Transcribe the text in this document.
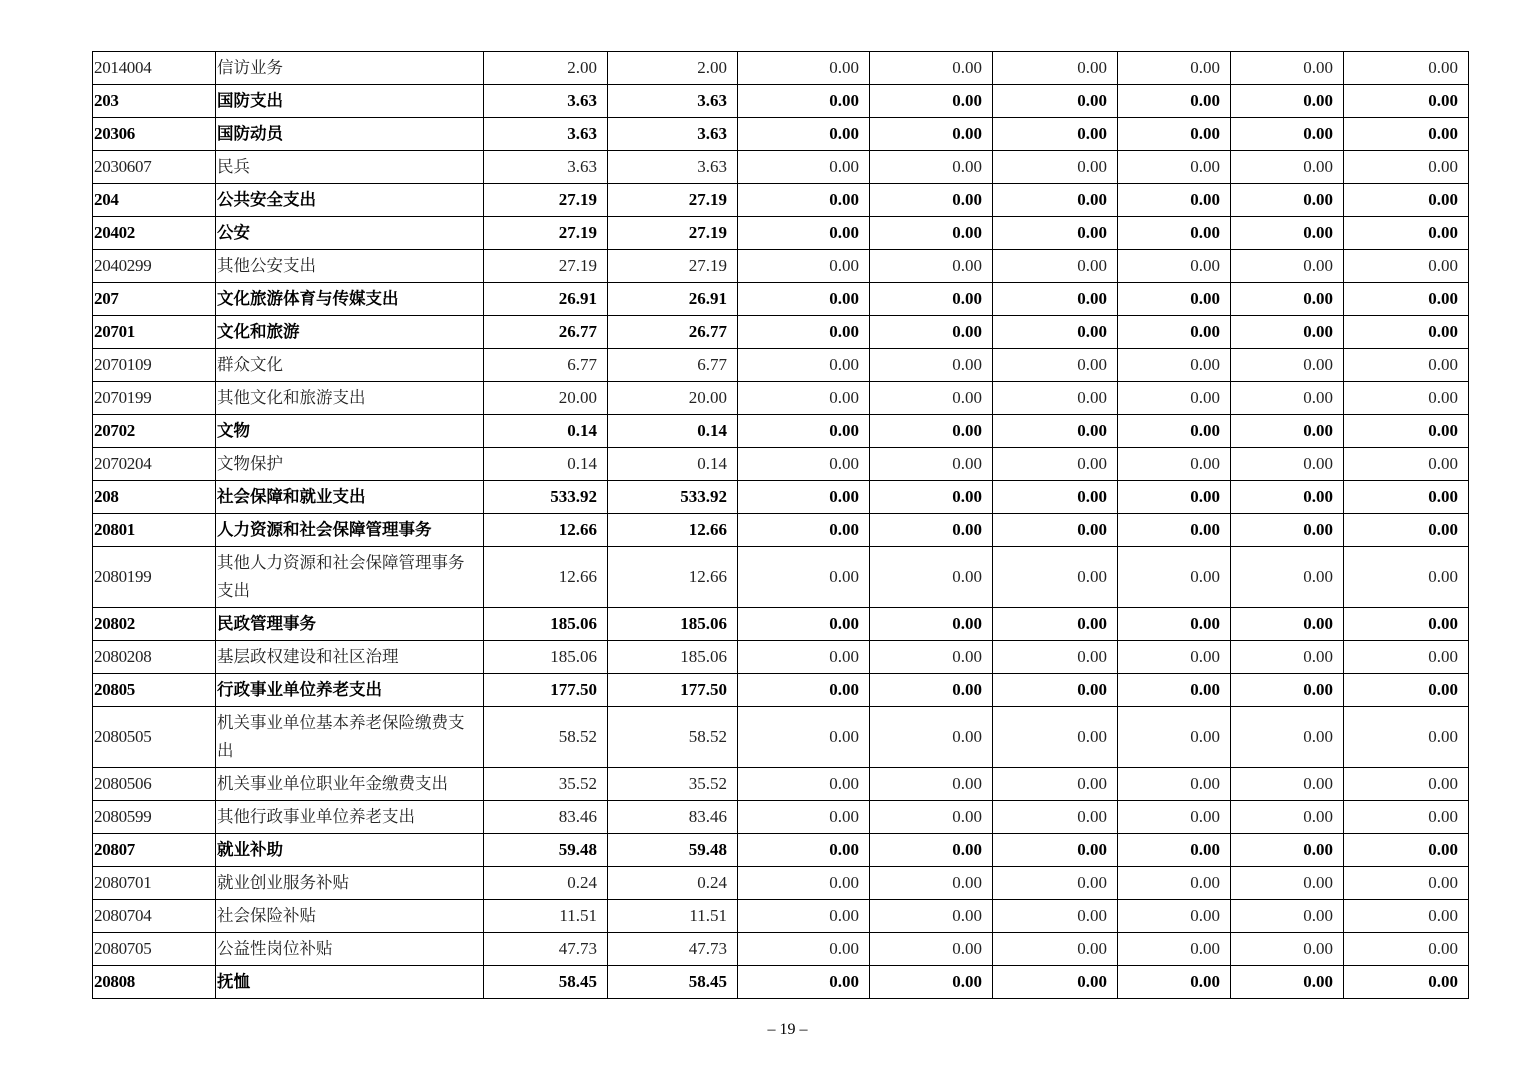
2014004	信访业务	2.00	2.00	0.00	0.00	0.00	0.00	0.00	0.00
203	国防支出	3.63	3.63	0.00	0.00	0.00	0.00	0.00	0.00
20306	国防动员	3.63	3.63	0.00	0.00	0.00	0.00	0.00	0.00
2030607	民兵	3.63	3.63	0.00	0.00	0.00	0.00	0.00	0.00
204	公共安全支出	27.19	27.19	0.00	0.00	0.00	0.00	0.00	0.00
20402	公安	27.19	27.19	0.00	0.00	0.00	0.00	0.00	0.00
2040299	其他公安支出	27.19	27.19	0.00	0.00	0.00	0.00	0.00	0.00
207	文化旅游体育与传媒支出	26.91	26.91	0.00	0.00	0.00	0.00	0.00	0.00
20701	文化和旅游	26.77	26.77	0.00	0.00	0.00	0.00	0.00	0.00
2070109	群众文化	6.77	6.77	0.00	0.00	0.00	0.00	0.00	0.00
2070199	其他文化和旅游支出	20.00	20.00	0.00	0.00	0.00	0.00	0.00	0.00
20702	文物	0.14	0.14	0.00	0.00	0.00	0.00	0.00	0.00
2070204	文物保护	0.14	0.14	0.00	0.00	0.00	0.00	0.00	0.00
208	社会保障和就业支出	533.92	533.92	0.00	0.00	0.00	0.00	0.00	0.00
20801	人力资源和社会保障管理事务	12.66	12.66	0.00	0.00	0.00	0.00	0.00	0.00
2080199	其他人力资源和社会保障管理事务支出	12.66	12.66	0.00	0.00	0.00	0.00	0.00	0.00
20802	民政管理事务	185.06	185.06	0.00	0.00	0.00	0.00	0.00	0.00
2080208	基层政权建设和社区治理	185.06	185.06	0.00	0.00	0.00	0.00	0.00	0.00
20805	行政事业单位养老支出	177.50	177.50	0.00	0.00	0.00	0.00	0.00	0.00
2080505	机关事业单位基本养老保险缴费支出	58.52	58.52	0.00	0.00	0.00	0.00	0.00	0.00
2080506	机关事业单位职业年金缴费支出	35.52	35.52	0.00	0.00	0.00	0.00	0.00	0.00
2080599	其他行政事业单位养老支出	83.46	83.46	0.00	0.00	0.00	0.00	0.00	0.00
20807	就业补助	59.48	59.48	0.00	0.00	0.00	0.00	0.00	0.00
2080701	就业创业服务补贴	0.24	0.24	0.00	0.00	0.00	0.00	0.00	0.00
2080704	社会保险补贴	11.51	11.51	0.00	0.00	0.00	0.00	0.00	0.00
2080705	公益性岗位补贴	47.73	47.73	0.00	0.00	0.00	0.00	0.00	0.00
20808	抚恤	58.45	58.45	0.00	0.00	0.00	0.00	0.00	0.00
– 19 –
